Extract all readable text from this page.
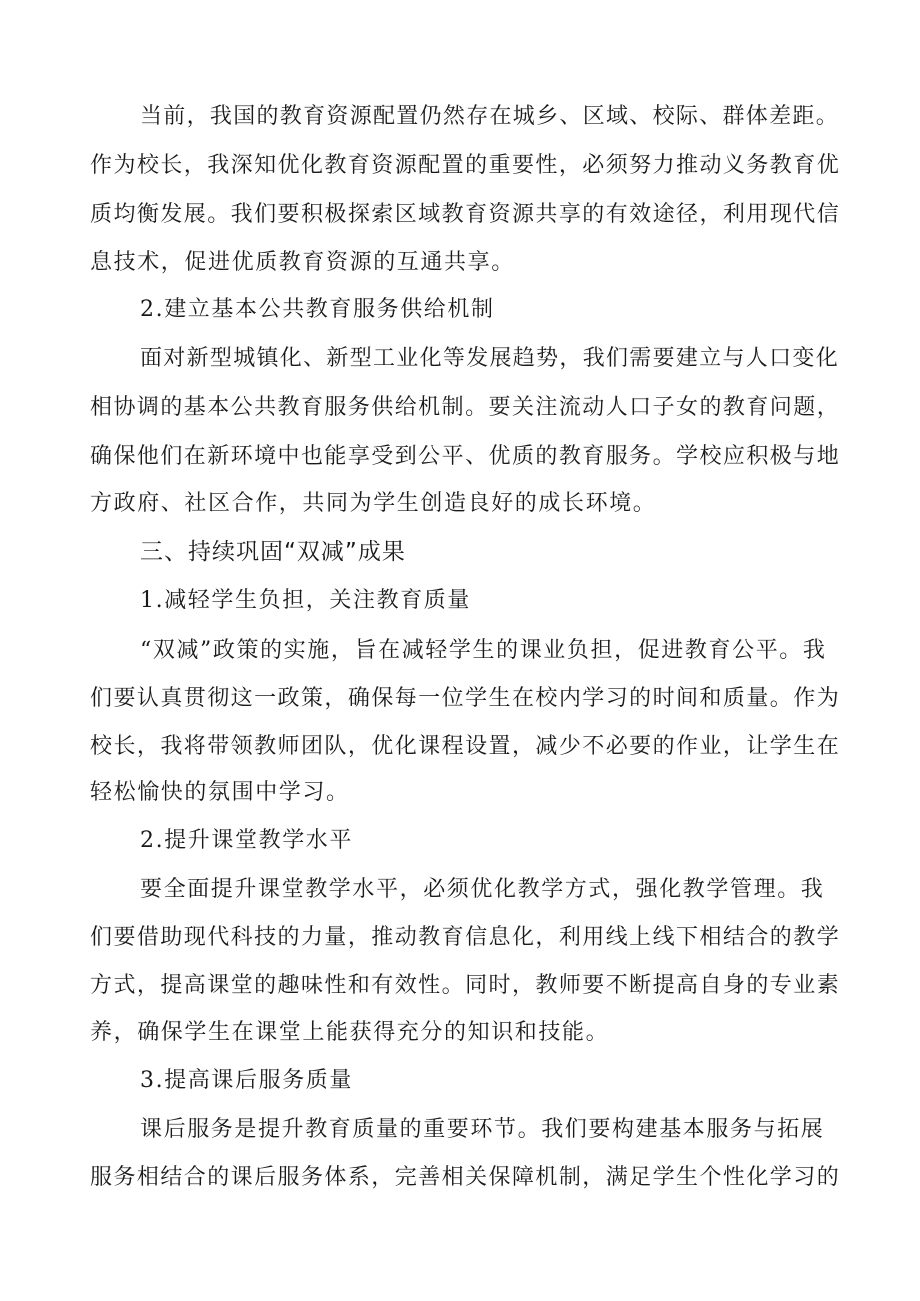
当前，我国的教育资源配置仍然存在城乡、区域、校际、群体差距。
作为校长，我深知优化教育资源配置的重要性，必须努力推动义务教育优
质均衡发展。我们要积极探索区域教育资源共享的有效途径，利用现代信
息技术，促进优质教育资源的互通共享。
2.建立基本公共教育服务供给机制
面对新型城镇化、新型工业化等发展趋势，我们需要建立与人口变化
相协调的基本公共教育服务供给机制。要关注流动人口子女的教育问题，
确保他们在新环境中也能享受到公平、优质的教育服务。学校应积极与地
方政府、社区合作，共同为学生创造良好的成长环境。
三、持续巩固“双减”成果
1.减轻学生负担，关注教育质量
“双减”政策的实施，旨在减轻学生的课业负担，促进教育公平。我
们要认真贯彻这一政策，确保每一位学生在校内学习的时间和质量。作为
校长，我将带领教师团队，优化课程设置，减少不必要的作业，让学生在
轻松愉快的氛围中学习。
2.提升课堂教学水平
要全面提升课堂教学水平，必须优化教学方式，强化教学管理。我
们要借助现代科技的力量，推动教育信息化，利用线上线下相结合的教学
方式，提高课堂的趣味性和有效性。同时，教师要不断提高自身的专业素
养，确保学生在课堂上能获得充分的知识和技能。
3.提高课后服务质量
课后服务是提升教育质量的重要环节。我们要构建基本服务与拓展
服务相结合的课后服务体系，完善相关保障机制，满足学生个性化学习的
